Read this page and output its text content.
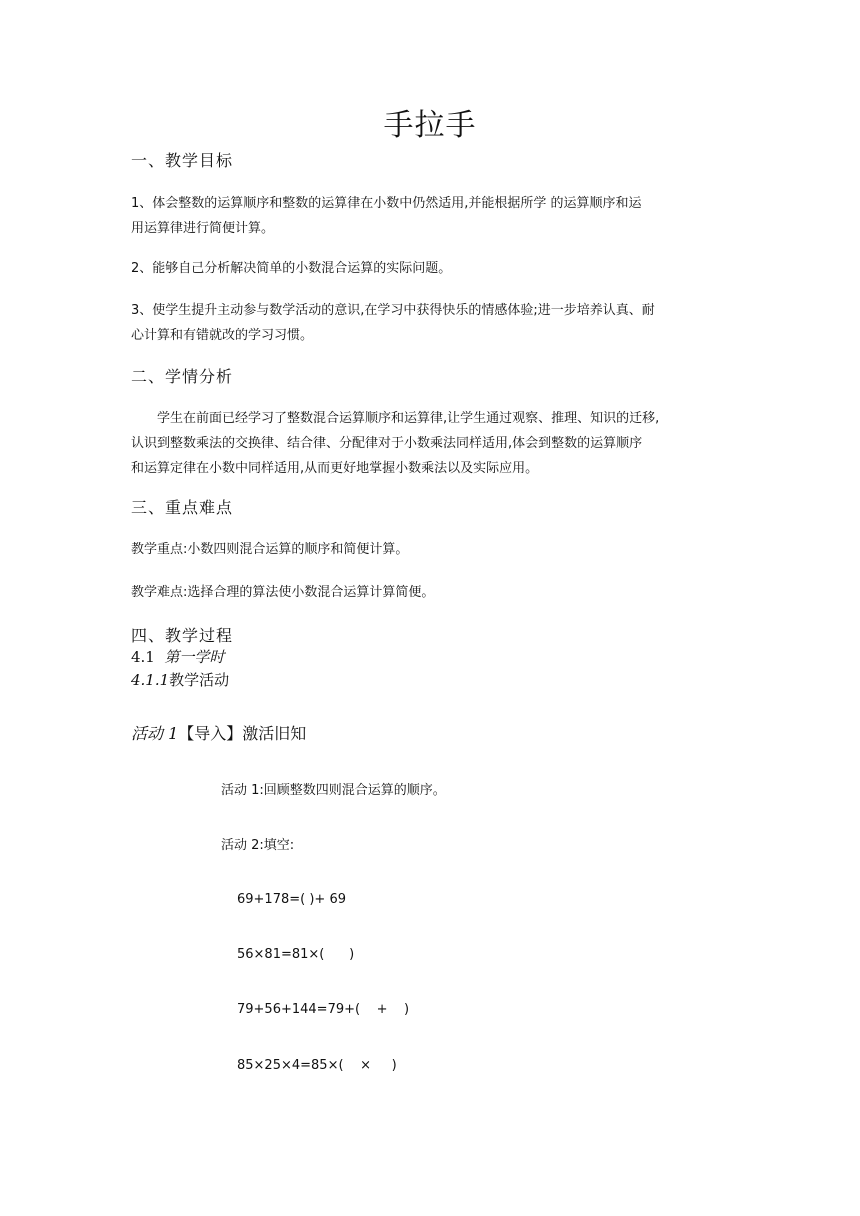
手拉手
一、教学目标
1、体会整数的运算顺序和整数的运算律在小数中仍然适用,并能根据所学 的运算顺序和运
用运算律进行简便计算。
2、能够自己分析解决简单的小数混合运算的实际问题。
3、使学生提升主动参与数学活动的意识,在学习中获得快乐的情感体验;进一步培养认真、耐
心计算和有错就改的学习习惯。
二、学情分析
学生在前面已经学习了整数混合运算顺序和运算律,让学生通过观察、推理、知识的迁移,
认识到整数乘法的交换律、结合律、分配律对于小数乘法同样适用,体会到整数的运算顺序
和运算定律在小数中同样适用,从而更好地掌握小数乘法以及实际应用。
三、重点难点
教学重点:小数四则混合运算的顺序和简便计算。
教学难点:选择合理的算法使小数混合运算计算简便。
四、教学过程
4.1 第一学时
4.1.1教学活动
活动 1【导入】激活旧知
活动 1:回顾整数四则混合运算的顺序。
活动 2:填空:
69+178=( )+ 69
56×81=81×(      )
79+56+144=79+(    +    )
85×25×4=85×(    ×     )
